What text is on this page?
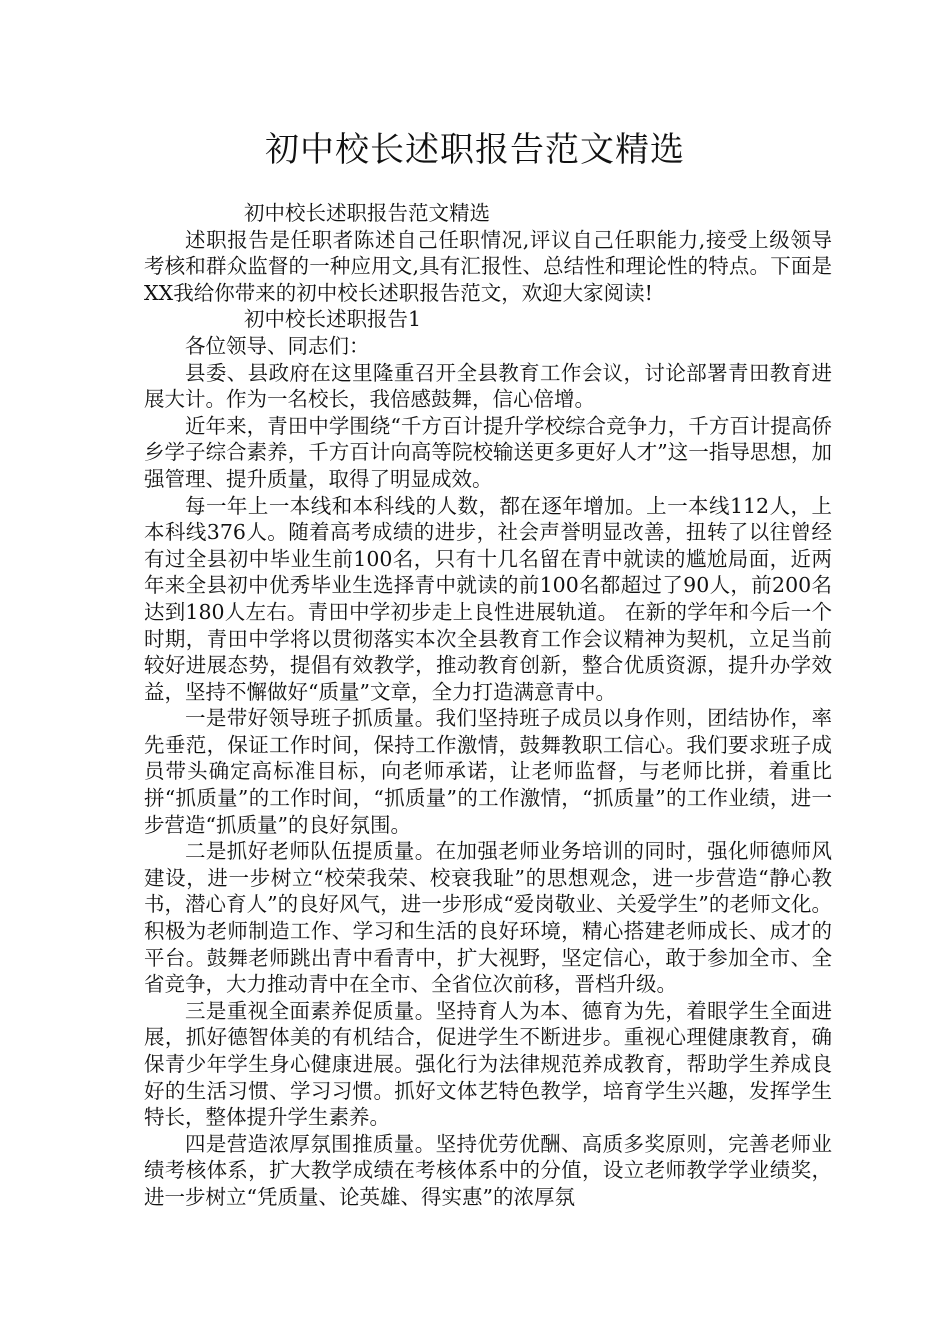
初中校长述职报告范文精选

初中校长述职报告范文精选

述职报告是任职者陈述自己任职情况,评议自己任职能力,接受上级领导考核和群众监督的一种应用文,具有汇报性、总结性和理论性的特点。下面是XX我给你带来的初中校长述职报告范文，欢迎大家阅读!

初中校长述职报告1

各位领导、同志们：

县委、县政府在这里隆重召开全县教育工作会议，讨论部署青田教育进展大计。作为一名校长，我倍感鼓舞，信心倍增。

近年来，青田中学围绕“千方百计提升学校综合竞争力，千方百计提高侨乡学子综合素养，千方百计向高等院校输送更多更好人才”这一指导思想，加强管理、提升质量，取得了明显成效。

每一年上一本线和本科线的人数，都在逐年增加。上一本线112人，上本科线376人。随着高考成绩的进步，社会声誉明显改善，扭转了以往曾经有过全县初中毕业生前100名，只有十几名留在青中就读的尴尬局面，近两年来全县初中优秀毕业生选择青中就读的前100名都超过了90人，前200名达到180人左右。青田中学初步走上良性进展轨道。 在新的学年和今后一个时期，青田中学将以贯彻落实本次全县教育工作会议精神为契机，立足当前较好进展态势，提倡有效教学，推动教育创新，整合优质资源，提升办学效益，坚持不懈做好“质量”文章，全力打造满意青中。

一是带好领导班子抓质量。我们坚持班子成员以身作则，团结协作，率先垂范，保证工作时间，保持工作激情，鼓舞教职工信心。我们要求班子成员带头确定高标准目标，向老师承诺，让老师监督，与老师比拼，着重比拼“抓质量”的工作时间，“抓质量”的工作激情，“抓质量”的工作业绩，进一步营造“抓质量”的良好氛围。

二是抓好老师队伍提质量。在加强老师业务培训的同时，强化师德师风建设，进一步树立“校荣我荣、校衰我耻”的思想观念，进一步营造“静心教书，潜心育人”的良好风气，进一步形成“爱岗敬业、关爱学生”的老师文化。积极为老师制造工作、学习和生活的良好环境，精心搭建老师成长、成才的平台。鼓舞老师跳出青中看青中，扩大视野，坚定信心，敢于参加全市、全省竞争，大力推动青中在全市、全省位次前移，晋档升级。

三是重视全面素养促质量。坚持育人为本、德育为先，着眼学生全面进展，抓好德智体美的有机结合，促进学生不断进步。重视心理健康教育，确保青少年学生身心健康进展。强化行为法律规范养成教育，帮助学生养成良好的生活习惯、学习习惯。抓好文体艺特色教学，培育学生兴趣，发挥学生特长，整体提升学生素养。

四是营造浓厚氛围推质量。坚持优劳优酬、高质多奖原则，完善老师业绩考核体系，扩大教学成绩在考核体系中的分值，设立老师教学学业绩奖，进一步树立“凭质量、论英雄、得实惠”的浓厚氛
